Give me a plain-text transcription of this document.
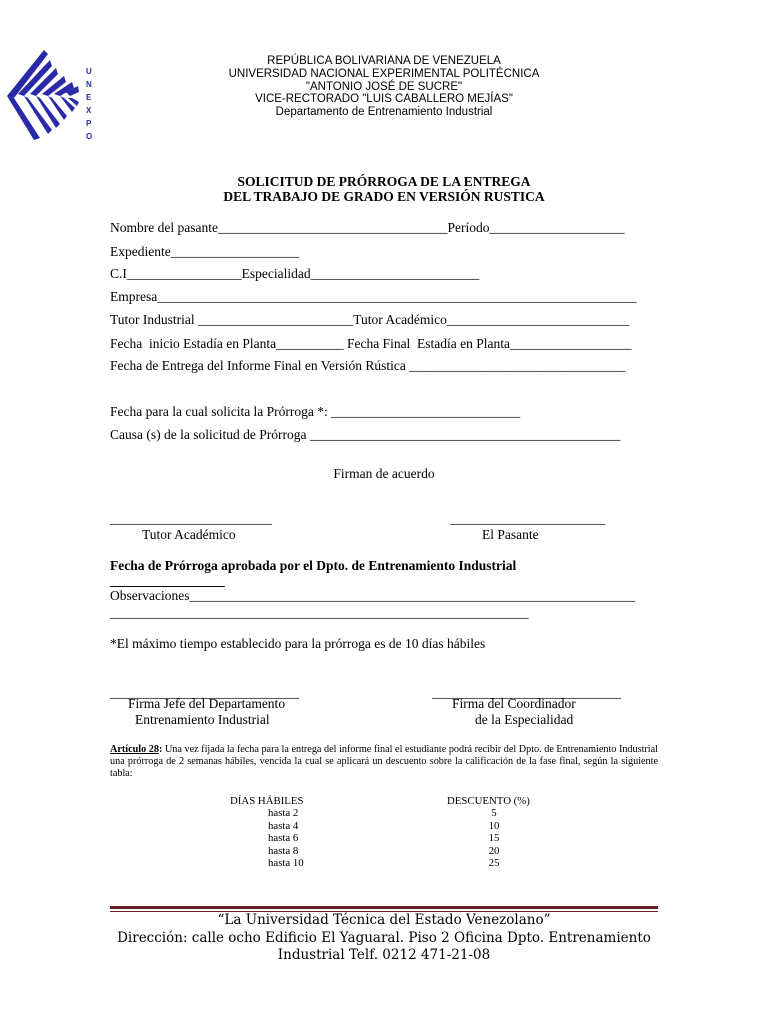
U
N
E
X
P
O
REPÚBLICA BOLIVARIANA DE VENEZUELA
UNIVERSIDAD NACIONAL EXPERIMENTAL POLITÉCNICA
"ANTONIO JOSÉ DE SUCRE"
VICE-RECTORADO "LUIS CABALLERO MEJÍAS"
Departamento de Entrenamiento Industrial
SOLICITUD DE PRÓRROGA DE LA ENTREGA
DEL TRABAJO DE GRADO EN VERSIÓN RUSTICA
Nombre del pasante__________________________________Período____________________
Expediente___________________
C.I_________________Especialidad_________________________
Empresa_______________________________________________________________________
Tutor Industrial _______________________Tutor Académico___________________________
Fecha  inicio Estadía en Planta__________ Fecha Final  Estadía en Planta__________________
Fecha de Entrega del Informe Final en Versión Rústica ________________________________
Fecha para la cual solicita la Prórroga *: ____________________________
Causa (s) de la solicitud de Prórroga ______________________________________________
Firman de acuerdo
________________________
Tutor Académico
_______________________
El Pasante
Fecha de Prórroga aprobada por el Dpto. de Entrenamiento Industrial
_________________
Observaciones__________________________________________________________________
______________________________________________________________
*El máximo tiempo establecido para la prórroga es de 10 días hábiles
____________________________
Firma Jefe del Departamento
Entrenamiento Industrial
____________________________
Firma del Coordinador
de la Especialidad
Artículo 28: Una vez fijada la fecha para la entrega del informe final el estudiante podrá recibir del Dpto. de Entrenamiento Industrial una prórroga de 2 semanas hábiles, vencida la cual se aplicará un descuento sobre la calificación de la fase final, según la siguiente tabla:
DÍAS HÁBILES	DESCUENTO (%)
hasta 2	5
hasta 4	10
hasta 6	15
hasta 8	20
hasta 10	25
“La Universidad Técnica del Estado Venezolano”
Dirección: calle ocho Edificio El Yaguaral. Piso 2 Oficina Dpto. Entrenamiento
Industrial Telf. 0212 471-21-08
